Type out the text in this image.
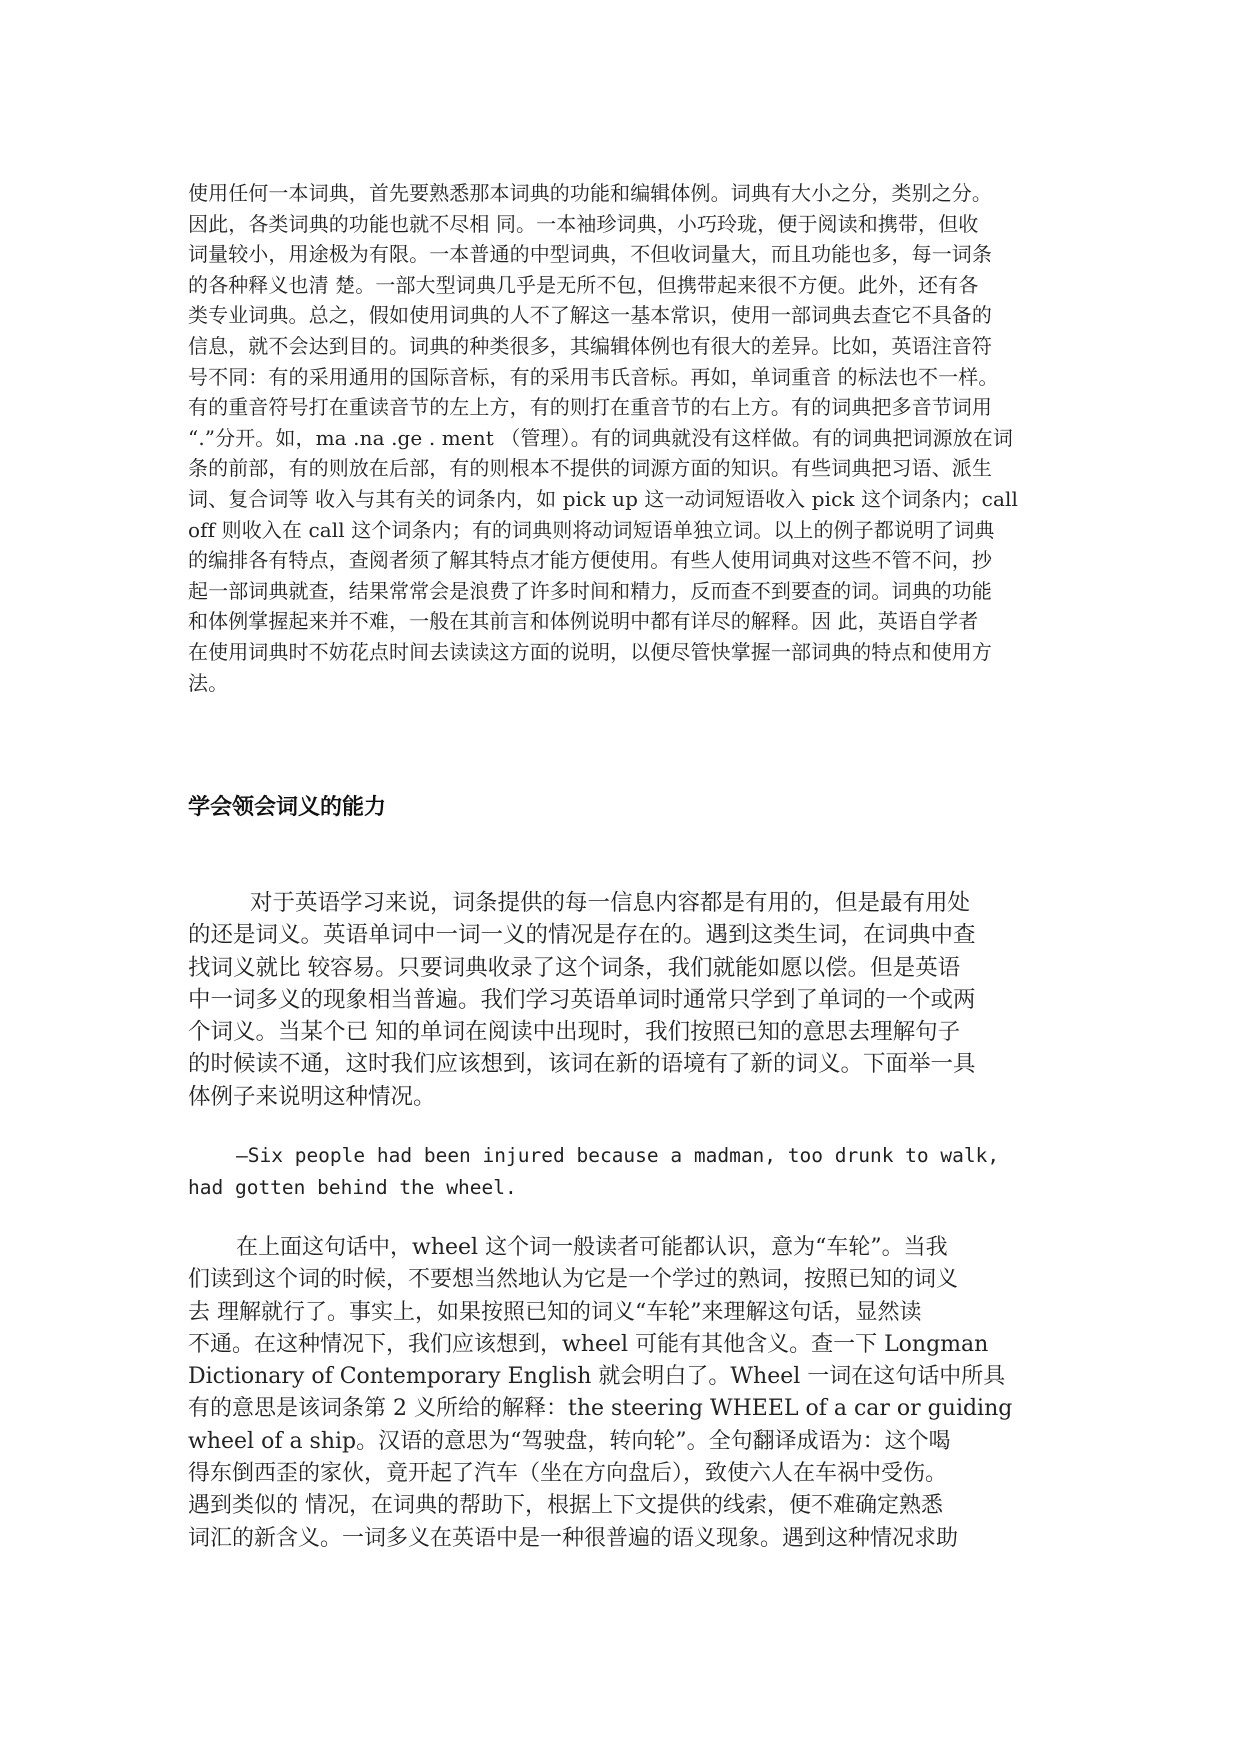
使用任何一本词典，首先要熟悉那本词典的功能和编辑体例。词典有大小之分，类别之分。
因此，各类词典的功能也就不尽相 同。一本袖珍词典，小巧玲珑，便于阅读和携带，但收
词量较小，用途极为有限。一本普通的中型词典，不但收词量大，而且功能也多，每一词条
的各种释义也清 楚。一部大型词典几乎是无所不包，但携带起来很不方便。此外，还有各
类专业词典。总之，假如使用词典的人不了解这一基本常识，使用一部词典去查它不具备的
信息，就不会达到目的。词典的种类很多，其编辑体例也有很大的差异。比如，英语注音符
号不同：有的采用通用的国际音标，有的采用韦氏音标。再如，单词重音 的标法也不一样。
有的重音符号打在重读音节的左上方，有的则打在重音节的右上方。有的词典把多音节词用
“.”分开。如，ma .na .ge . ment （管理）。有的词典就没有这样做。有的词典把词源放在词
条的前部，有的则放在后部，有的则根本不提供的词源方面的知识。有些词典把习语、派生
词、复合词等 收入与其有关的词条内，如 pick up 这一动词短语收入 pick 这个词条内；call
off 则收入在 call 这个词条内；有的词典则将动词短语单独立词。以上的例子都说明了词典
的编排各有特点，查阅者须了解其特点才能方便使用。有些人使用词典对这些不管不问，抄
起一部词典就查，结果常常会是浪费了许多时间和精力，反而查不到要查的词。词典的功能
和体例掌握起来并不难，一般在其前言和体例说明中都有详尽的解释。因 此，英语自学者
在使用词典时不妨花点时间去读读这方面的说明，以便尽管快掌握一部词典的特点和使用方
法。
学会领会词义的能力
对于英语学习来说，词条提供的每一信息内容都是有用的，但是最有用处
的还是词义。英语单词中一词一义的情况是存在的。遇到这类生词，在词典中查
找词义就比 较容易。只要词典收录了这个词条，我们就能如愿以偿。但是英语
中一词多义的现象相当普遍。我们学习英语单词时通常只学到了单词的一个或两
个词义。当某个已 知的单词在阅读中出现时，我们按照已知的意思去理解句子
的时候读不通，这时我们应该想到，该词在新的语境有了新的词义。下面举一具
体例子来说明这种情况。
—Six people had been injured because a madman, too drunk to walk,
had gotten behind the wheel.
在上面这句话中，wheel 这个词一般读者可能都认识，意为“车轮”。当我
们读到这个词的时候，不要想当然地认为它是一个学过的熟词，按照已知的词义
去 理解就行了。事实上，如果按照已知的词义“车轮”来理解这句话，显然读
不通。在这种情况下，我们应该想到，wheel 可能有其他含义。查一下 Longman
Dictionary of Contemporary English 就会明白了。Wheel 一词在这句话中所具
有的意思是该词条第 2 义所给的解释：the steering WHEEL of a car or guiding
wheel of a ship。汉语的意思为“驾驶盘，转向轮”。全句翻译成语为：这个喝
得东倒西歪的家伙，竟开起了汽车（坐在方向盘后），致使六人在车祸中受伤。
遇到类似的 情况，在词典的帮助下，根据上下文提供的线索，便不难确定熟悉
词汇的新含义。一词多义在英语中是一种很普遍的语义现象。遇到这种情况求助
